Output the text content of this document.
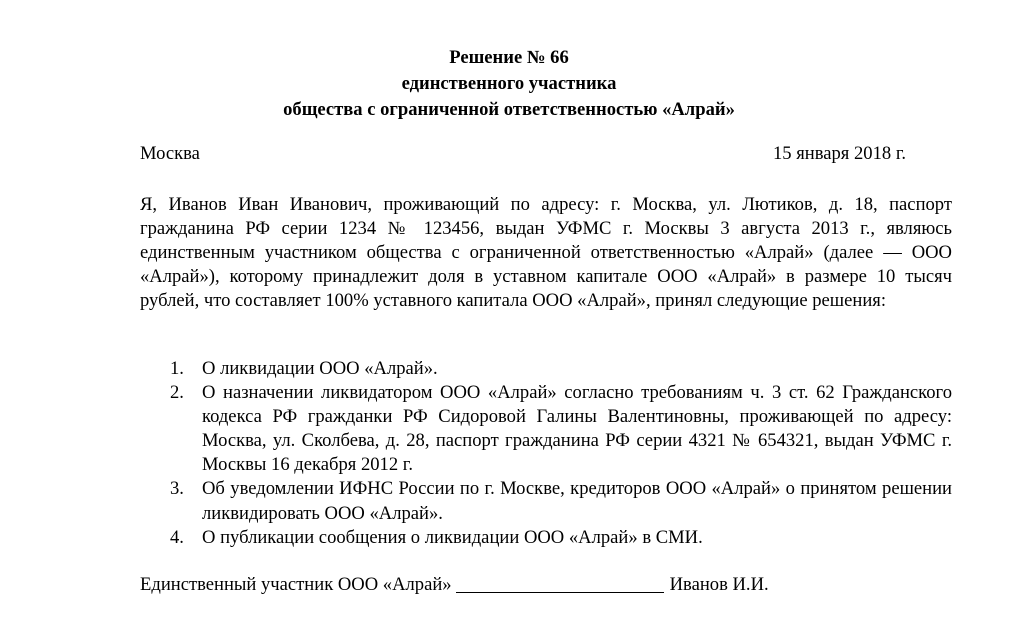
Решение № 66
единственного участника
общества с ограниченной ответственностью «Алрай»
Москва	15 января 2018 г.
Я, Иванов Иван Иванович, проживающий по адресу: г. Москва, ул. Лютиков, д. 18, паспорт гражданина РФ серии 1234 № 123456, выдан УФМС г. Москвы 3 августа 2013 г., являюсь единственным участником общества с ограниченной ответственностью «Алрай» (далее — ООО «Алрай»), которому принадлежит доля в уставном капитале ООО «Алрай» в размере 10 тысяч рублей, что составляет 100% уставного капитала ООО «Алрай», принял следующие решения:
1. О ликвидации ООО «Алрай».
2. О назначении ликвидатором ООО «Алрай» согласно требованиям ч. 3 ст. 62 Гражданского кодекса РФ гражданки РФ Сидоровой Галины Валентиновны, проживающей по адресу: Москва, ул. Сколбева, д. 28, паспорт гражданина РФ серии 4321 № 654321, выдан УФМС г. Москвы 16 декабря 2012 г.
3. Об уведомлении ИФНС России по г. Москве, кредиторов ООО «Алрай» о принятом решении ликвидировать ООО «Алрай».
4. О публикации сообщения о ликвидации ООО «Алрай» в СМИ.
Единственный участник ООО «Алрай»	Иванов И.И.
